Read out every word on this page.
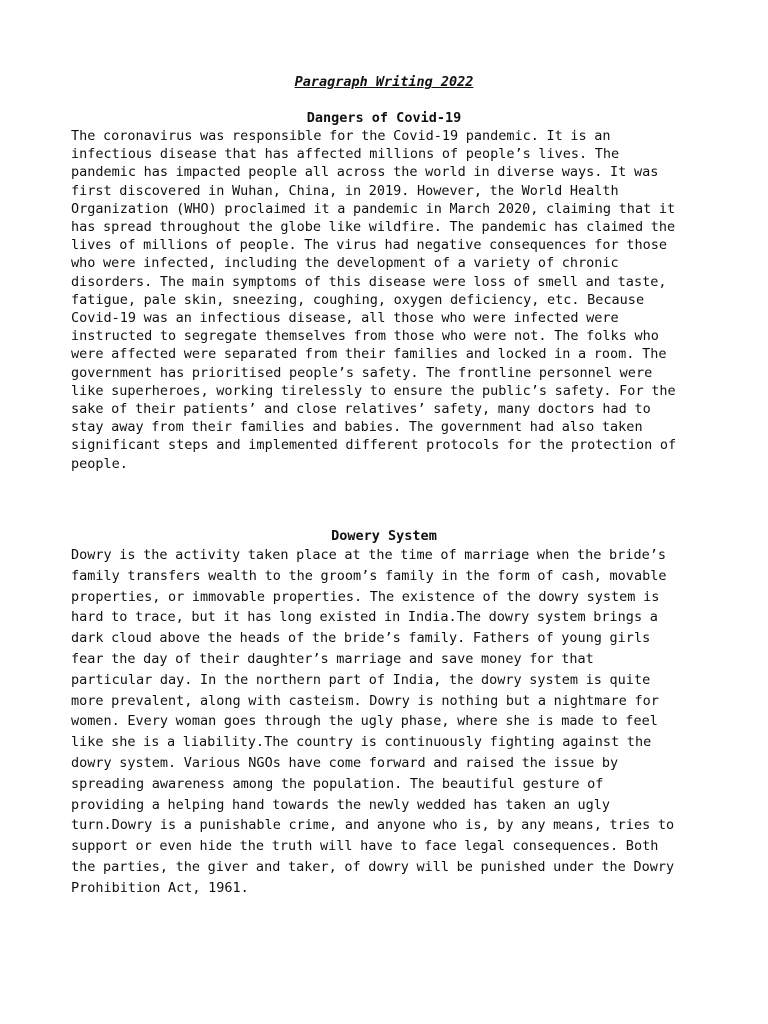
Paragraph Writing 2022
Dangers of Covid-19

The coronavirus was responsible for the Covid-19 pandemic. It is an
infectious disease that has affected millions of people’s lives. The
pandemic has impacted people all across the world in diverse ways. It was
first discovered in Wuhan, China, in 2019. However, the World Health
Organization (WHO) proclaimed it a pandemic in March 2020, claiming that it
has spread throughout the globe like wildfire. The pandemic has claimed the
lives of millions of people. The virus had negative consequences for those
who were infected, including the development of a variety of chronic
disorders. The main symptoms of this disease were loss of smell and taste,
fatigue, pale skin, sneezing, coughing, oxygen deficiency, etc. Because
Covid-19 was an infectious disease, all those who were infected were
instructed to segregate themselves from those who were not. The folks who
were affected were separated from their families and locked in a room. The
government has prioritised people’s safety. The frontline personnel were
like superheroes, working tirelessly to ensure the public’s safety. For the
sake of their patients’ and close relatives’ safety, many doctors had to
stay away from their families and babies. The government had also taken
significant steps and implemented different protocols for the protection of
people.

Dowery System

Dowry is the activity taken place at the time of marriage when the bride’s
family transfers wealth to the groom’s family in the form of cash, movable
properties, or immovable properties. The existence of the dowry system is
hard to trace, but it has long existed in India.The dowry system brings a
dark cloud above the heads of the bride’s family. Fathers of young girls
fear the day of their daughter’s marriage and save money for that
particular day. In the northern part of India, the dowry system is quite
more prevalent, along with casteism. Dowry is nothing but a nightmare for
women. Every woman goes through the ugly phase, where she is made to feel
like she is a liability.The country is continuously fighting against the
dowry system. Various NGOs have come forward and raised the issue by
spreading awareness among the population. The beautiful gesture of
providing a helping hand towards the newly wedded has taken an ugly
turn.Dowry is a punishable crime, and anyone who is, by any means, tries to
support or even hide the truth will have to face legal consequences. Both
the parties, the giver and taker, of dowry will be punished under the Dowry
Prohibition Act, 1961.
